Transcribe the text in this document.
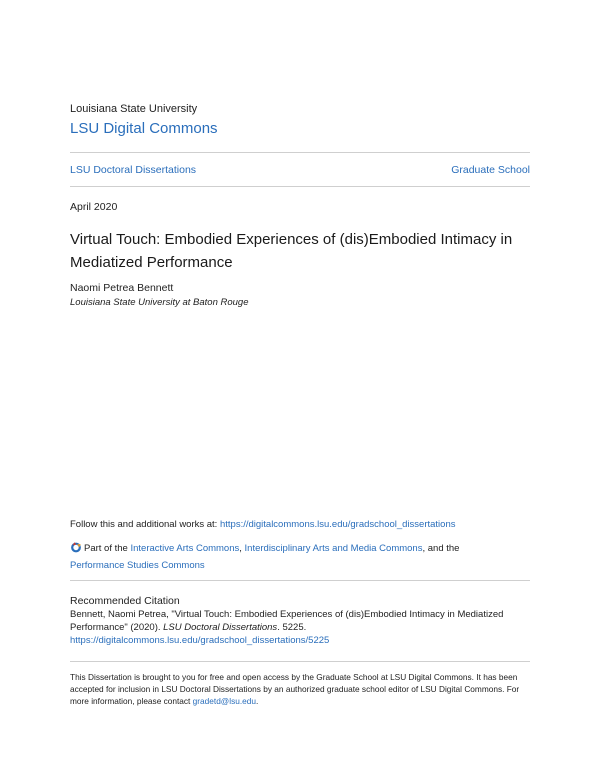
Louisiana State University
LSU Digital Commons
LSU Doctoral Dissertations	Graduate School
April 2020
Virtual Touch: Embodied Experiences of (dis)Embodied Intimacy in Mediatized Performance
Naomi Petrea Bennett
Louisiana State University at Baton Rouge
Follow this and additional works at: https://digitalcommons.lsu.edu/gradschool_dissertations
Part of the Interactive Arts Commons, Interdisciplinary Arts and Media Commons, and the
Performance Studies Commons
Recommended Citation
Bennett, Naomi Petrea, "Virtual Touch: Embodied Experiences of (dis)Embodied Intimacy in Mediatized Performance" (2020). LSU Doctoral Dissertations. 5225.
https://digitalcommons.lsu.edu/gradschool_dissertations/5225
This Dissertation is brought to you for free and open access by the Graduate School at LSU Digital Commons. It has been accepted for inclusion in LSU Doctoral Dissertations by an authorized graduate school editor of LSU Digital Commons. For more information, please contact gradetd@lsu.edu.
